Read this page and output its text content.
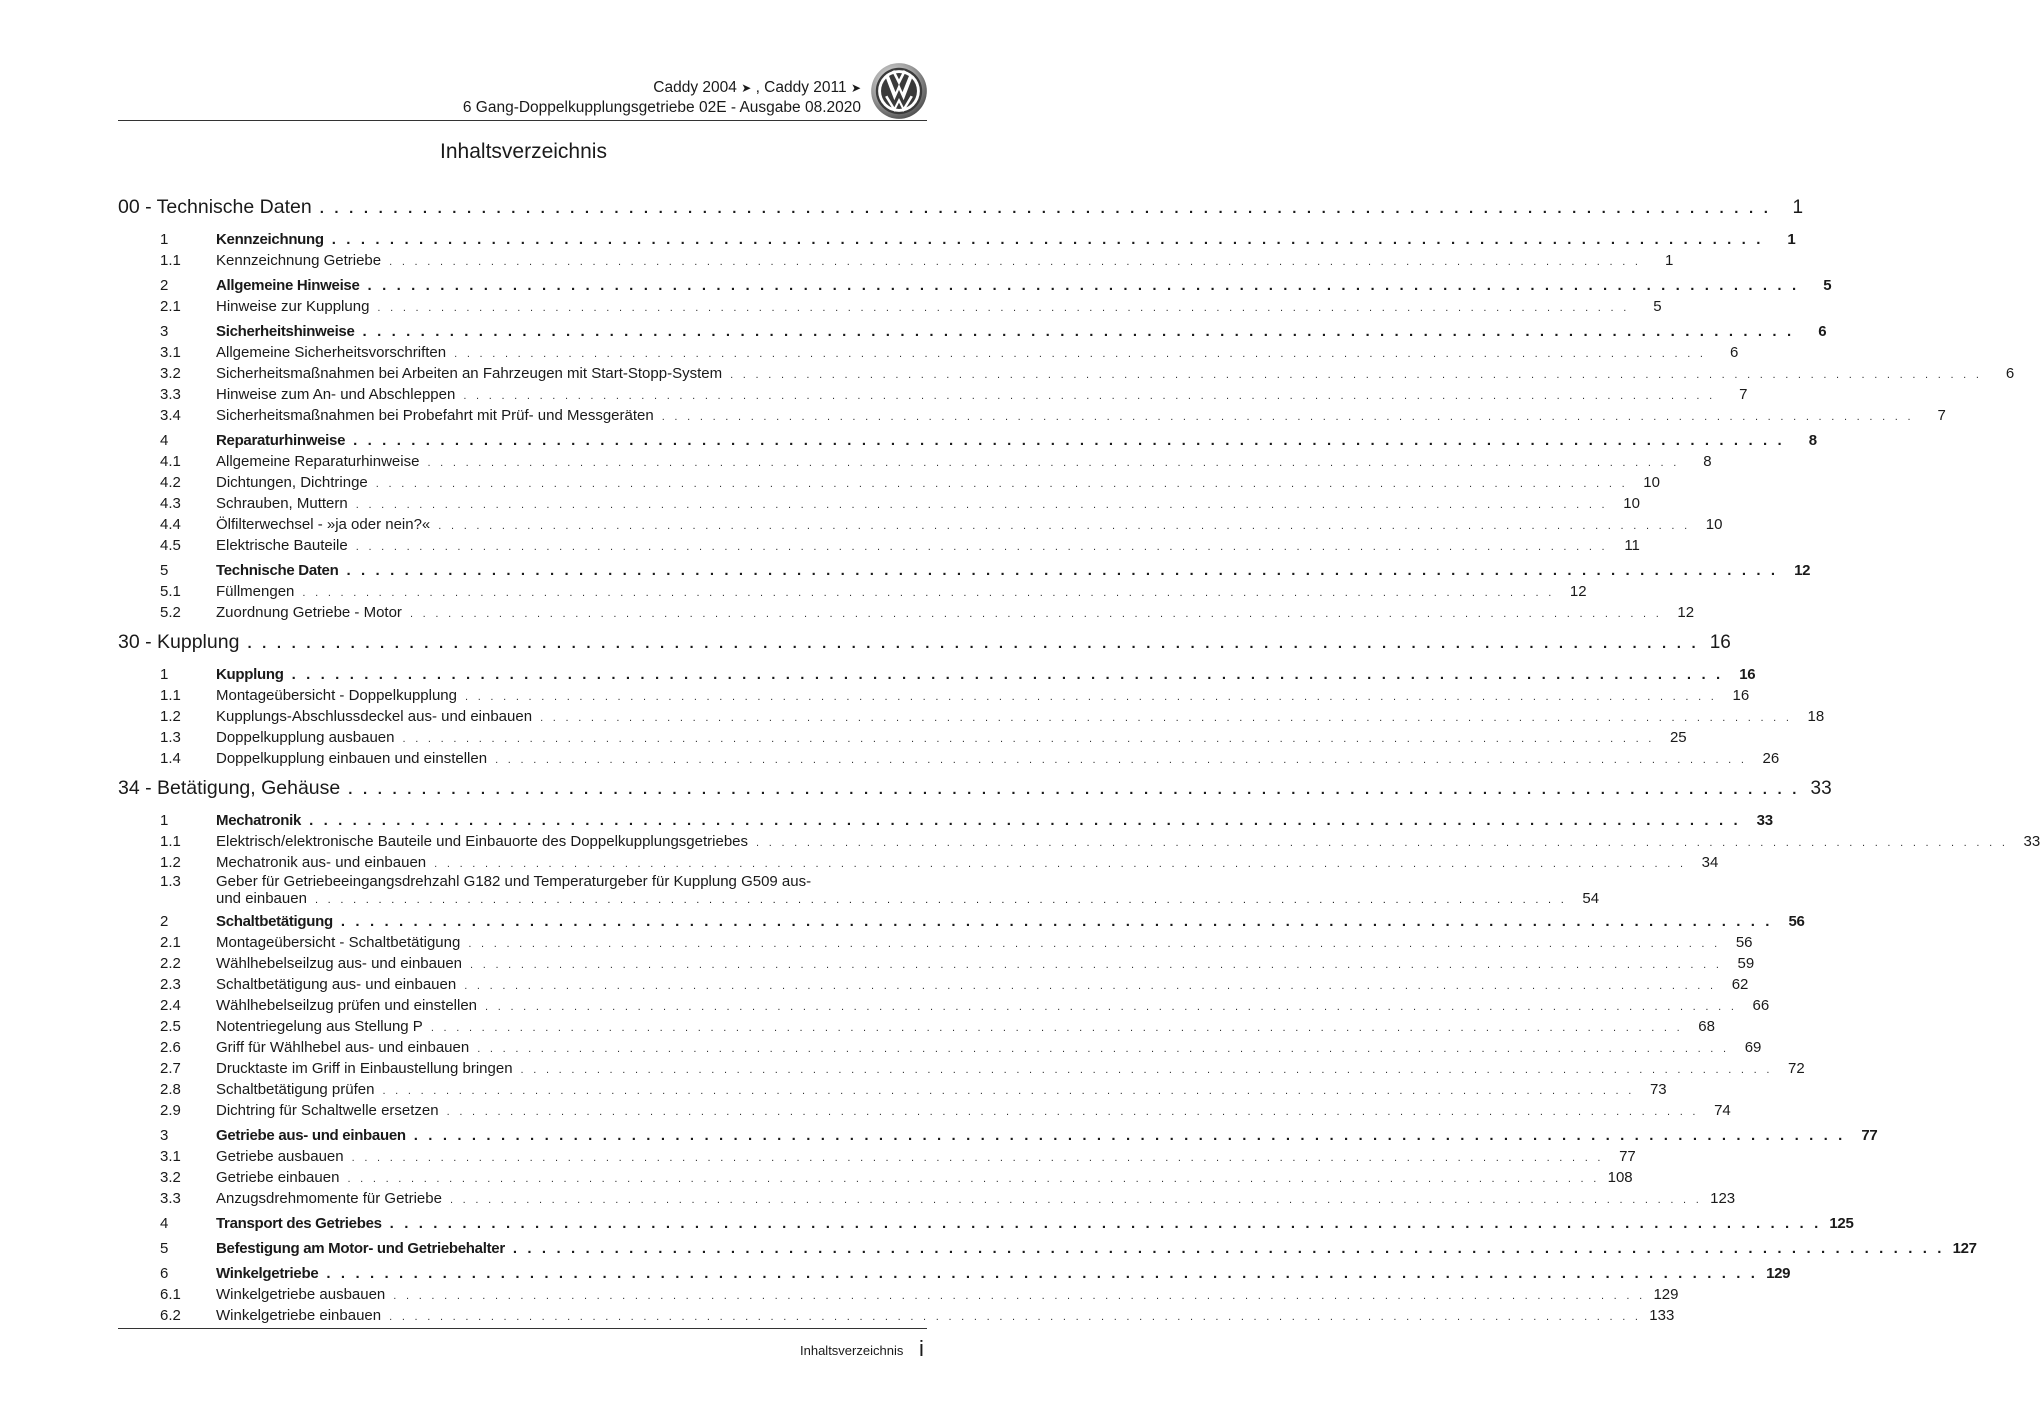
Caddy 2004 ➤ , Caddy 2011 ➤
6 Gang-Doppelkupplungsgetriebe 02E - Ausgabe 08.2020
Inhaltsverzeichnis
00 - Technische Daten . . . . . . . . . . . . . . . . . . . . . . . . . . . . . . . . . . . . . . . . . . . . . . . . . . . . . . . . . . . . . . . . . . . . . . . . . . . . . . . . . . . . . . . . . . . . . . . . . . .	1
1	Kennzeichnung . . . . . . . . . . . . . . . . . . . . . . . . . . . . . . . . . . . . . . . . . . . . . . . . . . . . . . . . . . . . . . . . . . . . . . . . . . . . . . . . . . . . . . . . . . . . . . . . . . .	1
1.1	Kennzeichnung Getriebe . . . . . . . . . . . . . . . . . . . . . . . . . . . . . . . . . . . . . . . . . . . . . . . . . . . . . . . . . . . . . . . . . . . . . . . . . . . . . . . . . . . . . . . . . . . . . . . . . . .	1
2	Allgemeine Hinweise . . . . . . . . . . . . . . . . . . . . . . . . . . . . . . . . . . . . . . . . . . . . . . . . . . . . . . . . . . . . . . . . . . . . . . . . . . . . . . . . . . . . . . . . . . . . . . . . . . .	5
2.1	Hinweise zur Kupplung . . . . . . . . . . . . . . . . . . . . . . . . . . . . . . . . . . . . . . . . . . . . . . . . . . . . . . . . . . . . . . . . . . . . . . . . . . . . . . . . . . . . . . . . . . . . . . . . . . .	5
3	Sicherheitshinweise . . . . . . . . . . . . . . . . . . . . . . . . . . . . . . . . . . . . . . . . . . . . . . . . . . . . . . . . . . . . . . . . . . . . . . . . . . . . . . . . . . . . . . . . . . . . . . . . . . .	6
3.1	Allgemeine Sicherheitsvorschriften . . . . . . . . . . . . . . . . . . . . . . . . . . . . . . . . . . . . . . . . . . . . . . . . . . . . . . . . . . . . . . . . . . . . . . . . . . . . . . . . . . . . . . . . . . . . . . . . . . .	6
3.2	Sicherheitsmaßnahmen bei Arbeiten an Fahrzeugen mit Start-Stopp-System . . . . . . . . . . . . . . . . . . . . . . . . . . . . . . . . . . . . . . . . . . . . . . . . . . . . . . . . . . . . . . . . . . . . . . . . . . . . . . . . . . . . . . . . . . . . . . . . . . .	6
3.3	Hinweise zum An- und Abschleppen . . . . . . . . . . . . . . . . . . . . . . . . . . . . . . . . . . . . . . . . . . . . . . . . . . . . . . . . . . . . . . . . . . . . . . . . . . . . . . . . . . . . . . . . . . . . . . . . . . .	7
3.4	Sicherheitsmaßnahmen bei Probefahrt mit Prüf- und Messgeräten . . . . . . . . . . . . . . . . . . . . . . . . . . . . . . . . . . . . . . . . . . . . . . . . . . . . . . . . . . . . . . . . . . . . . . . . . . . . . . . . . . . . . . . . . . . . . . . . . . .	7
4	Reparaturhinweise . . . . . . . . . . . . . . . . . . . . . . . . . . . . . . . . . . . . . . . . . . . . . . . . . . . . . . . . . . . . . . . . . . . . . . . . . . . . . . . . . . . . . . . . . . . . . . . . . . .	8
4.1	Allgemeine Reparaturhinweise . . . . . . . . . . . . . . . . . . . . . . . . . . . . . . . . . . . . . . . . . . . . . . . . . . . . . . . . . . . . . . . . . . . . . . . . . . . . . . . . . . . . . . . . . . . . . . . . . . .	8
4.2	Dichtungen, Dichtringe . . . . . . . . . . . . . . . . . . . . . . . . . . . . . . . . . . . . . . . . . . . . . . . . . . . . . . . . . . . . . . . . . . . . . . . . . . . . . . . . . . . . . . . . . . . . . . . . . . .	10
4.3	Schrauben, Muttern . . . . . . . . . . . . . . . . . . . . . . . . . . . . . . . . . . . . . . . . . . . . . . . . . . . . . . . . . . . . . . . . . . . . . . . . . . . . . . . . . . . . . . . . . . . . . . . . . . .	10
4.4	Ölfilterwechsel - »ja oder nein?« . . . . . . . . . . . . . . . . . . . . . . . . . . . . . . . . . . . . . . . . . . . . . . . . . . . . . . . . . . . . . . . . . . . . . . . . . . . . . . . . . . . . . . . . . . . . . . . . . . .	10
4.5	Elektrische Bauteile . . . . . . . . . . . . . . . . . . . . . . . . . . . . . . . . . . . . . . . . . . . . . . . . . . . . . . . . . . . . . . . . . . . . . . . . . . . . . . . . . . . . . . . . . . . . . . . . . . .	11
5	Technische Daten . . . . . . . . . . . . . . . . . . . . . . . . . . . . . . . . . . . . . . . . . . . . . . . . . . . . . . . . . . . . . . . . . . . . . . . . . . . . . . . . . . . . . . . . . . . . . . . . . . .	12
5.1	Füllmengen . . . . . . . . . . . . . . . . . . . . . . . . . . . . . . . . . . . . . . . . . . . . . . . . . . . . . . . . . . . . . . . . . . . . . . . . . . . . . . . . . . . . . . . . . . . . . . . . . . .	12
5.2	Zuordnung Getriebe - Motor . . . . . . . . . . . . . . . . . . . . . . . . . . . . . . . . . . . . . . . . . . . . . . . . . . . . . . . . . . . . . . . . . . . . . . . . . . . . . . . . . . . . . . . . . . . . . . . . . . .	12
30 - Kupplung . . . . . . . . . . . . . . . . . . . . . . . . . . . . . . . . . . . . . . . . . . . . . . . . . . . . . . . . . . . . . . . . . . . . . . . . . . . . . . . . . . . . . . . . . . . . . . . . . . . 16
1	Kupplung . . . . . . . . . . . . . . . . . . . . . . . . . . . . . . . . . . . . . . . . . . . . . . . . . . . . . . . . . . . . . . . . . . . . . . . . . . . . . . . . . . . . . . . . . . . . . . . . . . .	16
1.1	Montageübersicht - Doppelkupplung . . . . . . . . . . . . . . . . . . . . . . . . . . . . . . . . . . . . . . . . . . . . . . . . . . . . . . . . . . . . . . . . . . . . . . . . . . . . . . . . . . . . . . . . . . . . . . . . . . .	16
1.2	Kupplungs-Abschlussdeckel aus- und einbauen . . . . . . . . . . . . . . . . . . . . . . . . . . . . . . . . . . . . . . . . . . . . . . . . . . . . . . . . . . . . . . . . . . . . . . . . . . . . . . . . . . . . . . . . . . . . . . . . . . .	18
1.3	Doppelkupplung ausbauen . . . . . . . . . . . . . . . . . . . . . . . . . . . . . . . . . . . . . . . . . . . . . . . . . . . . . . . . . . . . . . . . . . . . . . . . . . . . . . . . . . . . . . . . . . . . . . . . . . .	25
1.4	Doppelkupplung einbauen und einstellen . . . . . . . . . . . . . . . . . . . . . . . . . . . . . . . . . . . . . . . . . . . . . . . . . . . . . . . . . . . . . . . . . . . . . . . . . . . . . . . . . . . . . . . . . . . . . . . . . . .	26
34 - Betätigung, Gehäuse . . . . . . . . . . . . . . . . . . . . . . . . . . . . . . . . . . . . . . . . . . . . . . . . . . . . . . . . . . . . . . . . . . . . . . . . . . . . . . . . . . . . . . . . . . . . . . . . . . . 33
1	Mechatronik . . . . . . . . . . . . . . . . . . . . . . . . . . . . . . . . . . . . . . . . . . . . . . . . . . . . . . . . . . . . . . . . . . . . . . . . . . . . . . . . . . . . . . . . . . . . . . . . . . .	33
1.1	Elektrisch/elektronische Bauteile und Einbauorte des Doppelkupplungsgetriebes . . . . . . . . . . . . . . . . . . . . . . . . . . . . . . . . . . . . . . . . . . . . . . . . . . . . . . . . . . . . . . . . . . . . . . . . . . . . . . . . . . . . . . . . . . . . . . . . . . .	33
1.2	Mechatronik aus- und einbauen . . . . . . . . . . . . . . . . . . . . . . . . . . . . . . . . . . . . . . . . . . . . . . . . . . . . . . . . . . . . . . . . . . . . . . . . . . . . . . . . . . . . . . . . . . . . . . . . . . .	34
1.3	Geber für Getriebeeingangsdrehzahl G182 und Temperaturgeber für Kupplung G509 aus-
und einbauen . . . . . . . . . . . . . . . . . . . . . . . . . . . . . . . . . . . . . . . . . . . . . . . . . . . . . . . . . . . . . . . . . . . . . . . . . . . . . . . . . . . . . . . . . . . . . . . . . . .	54
2	Schaltbetätigung . . . . . . . . . . . . . . . . . . . . . . . . . . . . . . . . . . . . . . . . . . . . . . . . . . . . . . . . . . . . . . . . . . . . . . . . . . . . . . . . . . . . . . . . . . . . . . . . . . .	56
2.1	Montageübersicht - Schaltbetätigung . . . . . . . . . . . . . . . . . . . . . . . . . . . . . . . . . . . . . . . . . . . . . . . . . . . . . . . . . . . . . . . . . . . . . . . . . . . . . . . . . . . . . . . . . . . . . . . . . . .	56
2.2	Wählhebelseilzug aus- und einbauen . . . . . . . . . . . . . . . . . . . . . . . . . . . . . . . . . . . . . . . . . . . . . . . . . . . . . . . . . . . . . . . . . . . . . . . . . . . . . . . . . . . . . . . . . . . . . . . . . . .	59
2.3	Schaltbetätigung aus- und einbauen . . . . . . . . . . . . . . . . . . . . . . . . . . . . . . . . . . . . . . . . . . . . . . . . . . . . . . . . . . . . . . . . . . . . . . . . . . . . . . . . . . . . . . . . . . . . . . . . . . .	62
2.4	Wählhebelseilzug prüfen und einstellen . . . . . . . . . . . . . . . . . . . . . . . . . . . . . . . . . . . . . . . . . . . . . . . . . . . . . . . . . . . . . . . . . . . . . . . . . . . . . . . . . . . . . . . . . . . . . . . . . . .	66
2.5	Notentriegelung aus Stellung P . . . . . . . . . . . . . . . . . . . . . . . . . . . . . . . . . . . . . . . . . . . . . . . . . . . . . . . . . . . . . . . . . . . . . . . . . . . . . . . . . . . . . . . . . . . . . . . . . . .	68
2.6	Griff für Wählhebel aus- und einbauen . . . . . . . . . . . . . . . . . . . . . . . . . . . . . . . . . . . . . . . . . . . . . . . . . . . . . . . . . . . . . . . . . . . . . . . . . . . . . . . . . . . . . . . . . . . . . . . . . . .	69
2.7	Drucktaste im Griff in Einbaustellung bringen . . . . . . . . . . . . . . . . . . . . . . . . . . . . . . . . . . . . . . . . . . . . . . . . . . . . . . . . . . . . . . . . . . . . . . . . . . . . . . . . . . . . . . . . . . . . . . . . . . .	72
2.8	Schaltbetätigung prüfen . . . . . . . . . . . . . . . . . . . . . . . . . . . . . . . . . . . . . . . . . . . . . . . . . . . . . . . . . . . . . . . . . . . . . . . . . . . . . . . . . . . . . . . . . . . . . . . . . . .	73
2.9	Dichtring für Schaltwelle ersetzen . . . . . . . . . . . . . . . . . . . . . . . . . . . . . . . . . . . . . . . . . . . . . . . . . . . . . . . . . . . . . . . . . . . . . . . . . . . . . . . . . . . . . . . . . . . . . . . . . . .	74
3	Getriebe aus- und einbauen . . . . . . . . . . . . . . . . . . . . . . . . . . . . . . . . . . . . . . . . . . . . . . . . . . . . . . . . . . . . . . . . . . . . . . . . . . . . . . . . . . . . . . . . . . . . . . . . . . .	77
3.1	Getriebe ausbauen . . . . . . . . . . . . . . . . . . . . . . . . . . . . . . . . . . . . . . . . . . . . . . . . . . . . . . . . . . . . . . . . . . . . . . . . . . . . . . . . . . . . . . . . . . . . . . . . . . .	77
3.2	Getriebe einbauen . . . . . . . . . . . . . . . . . . . . . . . . . . . . . . . . . . . . . . . . . . . . . . . . . . . . . . . . . . . . . . . . . . . . . . . . . . . . . . . . . . . . . . . . . . . . . . . . . . . 108
3.3	Anzugsdrehmomente für Getriebe . . . . . . . . . . . . . . . . . . . . . . . . . . . . . . . . . . . . . . . . . . . . . . . . . . . . . . . . . . . . . . . . . . . . . . . . . . . . . . . . . . . . . . . . . . . . . . . . . . . 123
4	Transport des Getriebes . . . . . . . . . . . . . . . . . . . . . . . . . . . . . . . . . . . . . . . . . . . . . . . . . . . . . . . . . . . . . . . . . . . . . . . . . . . . . . . . . . . . . . . . . . . . . . . . . . . 125
5	Befestigung am Motor- und Getriebehalter . . . . . . . . . . . . . . . . . . . . . . . . . . . . . . . . . . . . . . . . . . . . . . . . . . . . . . . . . . . . . . . . . . . . . . . . . . . . . . . . . . . . . . . . . . . . . . . . . . . 127
6	Winkelgetriebe . . . . . . . . . . . . . . . . . . . . . . . . . . . . . . . . . . . . . . . . . . . . . . . . . . . . . . . . . . . . . . . . . . . . . . . . . . . . . . . . . . . . . . . . . . . . . . . . . . . 129
6.1	Winkelgetriebe ausbauen . . . . . . . . . . . . . . . . . . . . . . . . . . . . . . . . . . . . . . . . . . . . . . . . . . . . . . . . . . . . . . . . . . . . . . . . . . . . . . . . . . . . . . . . . . . . . . . . . . . 129
6.2	Winkelgetriebe einbauen . . . . . . . . . . . . . . . . . . . . . . . . . . . . . . . . . . . . . . . . . . . . . . . . . . . . . . . . . . . . . . . . . . . . . . . . . . . . . . . . . . . . . . . . . . . . . . . . . . . 133
Inhaltsverzeichnis i
